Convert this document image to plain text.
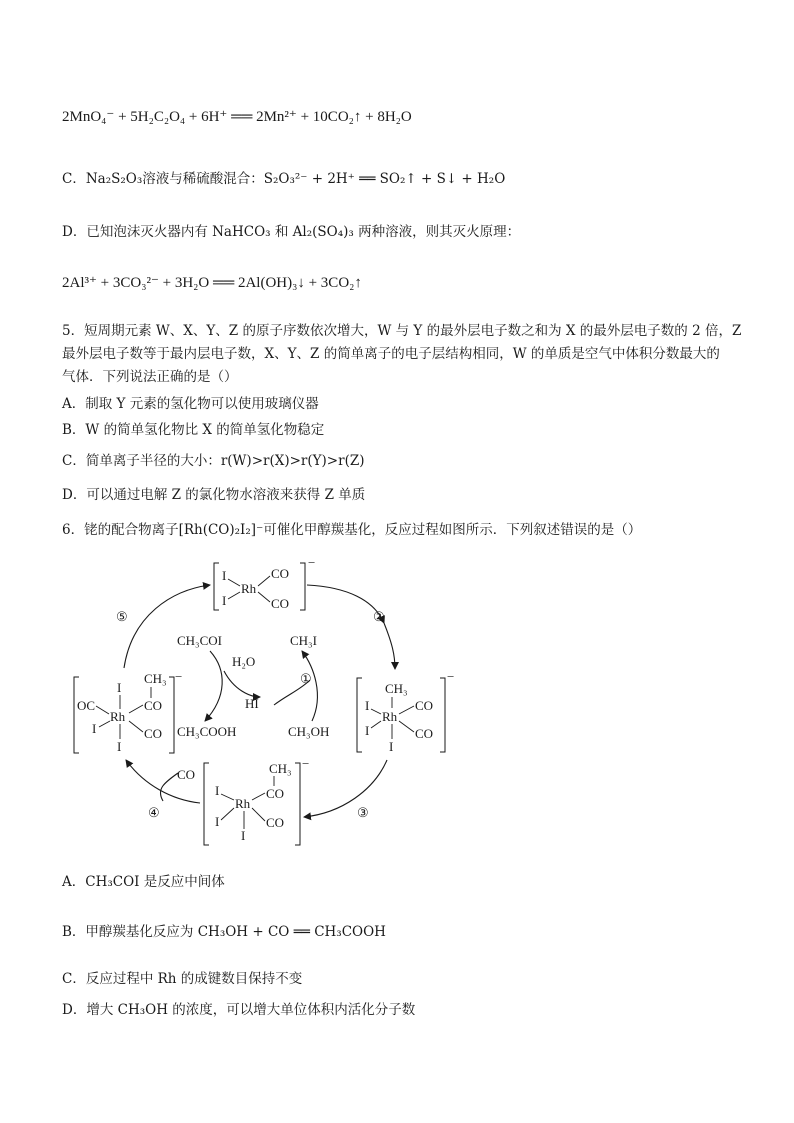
2MnO₄⁻ + 5H₂C₂O₄ + 6H⁺ ══ 2Mn²⁺ + 10CO₂↑ + 8H₂O
C．Na₂S₂O₃溶液与稀硫酸混合：S₂O₃²⁻ + 2H⁺ ══ SO₂↑ + S↓ + H₂O
D．已知泡沫灭火器内有 NaHCO₃ 和 Al₂(SO₄)₃ 两种溶液，则其灭火原理：
2Al³⁺ + 3CO₃²⁻ + 3H₂O ══ 2Al(OH)₃↓ + 3CO₂↑
5．短周期元素 W、X、Y、Z 的原子序数依次增大，W 与 Y 的最外层电子数之和为 X 的最外层电子数的 2 倍，Z
最外层电子数等于最内层电子数，X、Y、Z 的简单离子的电子层结构相同，W 的单质是空气中体积分数最大的
气体．下列说法正确的是（）
A．制取 Y 元素的氢化物可以使用玻璃仪器
B．W 的简单氢化物比 X 的简单氢化物稳定
C．简单离子半径的大小：r(W)>r(X)>r(Y)>r(Z)
D．可以通过电解 Z 的氯化物水溶液来获得 Z 单质
6．铑的配合物离子[Rh(CO)₂I₂]⁻可催化甲醇羰基化，反应过程如图所示．下列叙述错误的是（）
−
I
I
Rh
CO
CO
−
CH₃
Rh
I
I
I
CO
CO
−
CH₃
CO
Rh
I
I
I
CO
−
CH₃
CO
OC
I
Rh
I
I
CO
CH₃COI
H₂O
HI
CH₃I
CH₃COOH	CH₃OH
CO
⑤	②
①
③
④
A．CH₃COI 是反应中间体
B．甲醇羰基化反应为 CH₃OH + CO ══ CH₃COOH
C．反应过程中 Rh 的成键数目保持不变
D．增大 CH₃OH 的浓度，可以增大单位体积内活化分子数
